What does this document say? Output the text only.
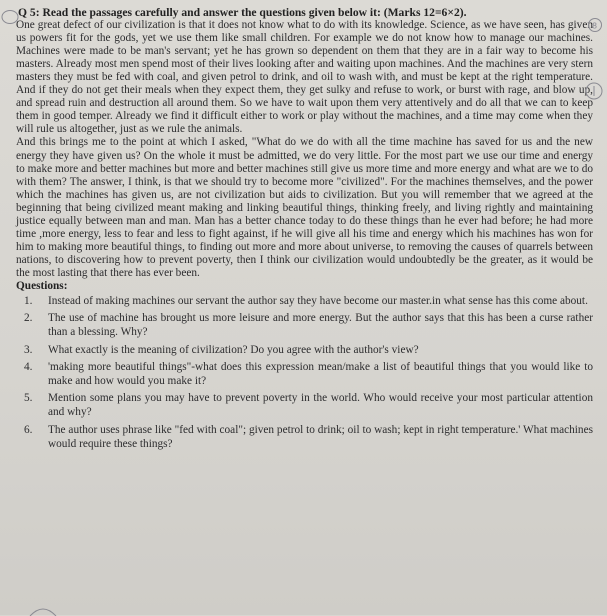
Q 5: Read the passages carefully and answer the questions given below it: (Marks 12=6×2).

One great defect of our civilization is that it does not know what to do with its knowledge. Science, as we have seen, has given us powers fit for the gods, yet we use them like small children. For example we do not know how to manage our machines. Machines were made to be man's servant; yet he has grown so dependent on them that they are in a fair way to become his masters. Already most men spend most of their lives looking after and waiting upon machines. And the machines are very stern masters they must be fed with coal, and given petrol to drink, and oil to wash with, and must be kept at the right temperature. And if they do not get their meals when they expect them, they get sulky and refuse to work, or burst with rage, and blow up, and spread ruin and destruction all around them. So we have to wait upon them very attentively and do all that we can to keep them in good temper. Already we find it difficult either to work or play without the machines, and a time may come when they will rule us altogether, just as we rule the animals.

And this brings me to the point at which I asked, "What do we do with all the time machine has saved for us and the new energy they have given us? On the whole it must be admitted, we do very little. For the most part we use our time and energy to make more and better machines but more and better machines still give us more time and more energy and what are we to do with them? The answer, I think, is that we should try to become more "civilized". For the machines themselves, and the power which the machines has given us, are not civilization but aids to civilization. But you will remember that we agreed at the beginning that being civilized meant making and linking beautiful things, thinking freely, and living rightly and maintaining justice equally between man and man. Man has a better chance today to do these things than he ever had before; he had more time ,more energy, less to fear and less to fight against, if he will give all his time and energy which his machines has won for him to making more beautiful things, to finding out more and more about universe, to removing the causes of quarrels between nations, to discovering how to prevent poverty, then I think our civilization would undoubtedly be the greater, as it would be the most lasting that there has ever been.

Questions:

1. Instead of making machines our servant the author say they have become our master.in what sense has this come about.
2. The use of machine has brought us more leisure and more energy. But the author says that this has been a curse rather than a blessing. Why?
3. What exactly is the meaning of civilization? Do you agree with the author's view?
4. 'making more beautiful things"-what does this expression mean/make a list of beautiful things that you would like to make and how would you make it?
5. Mention some plans you may have to prevent poverty in the world. Who would receive your most particular attention and why?
6. The author uses phrase like "fed with coal"; given petrol to drink; oil to wash; kept in right temperature.' What machines would require these things?
8
